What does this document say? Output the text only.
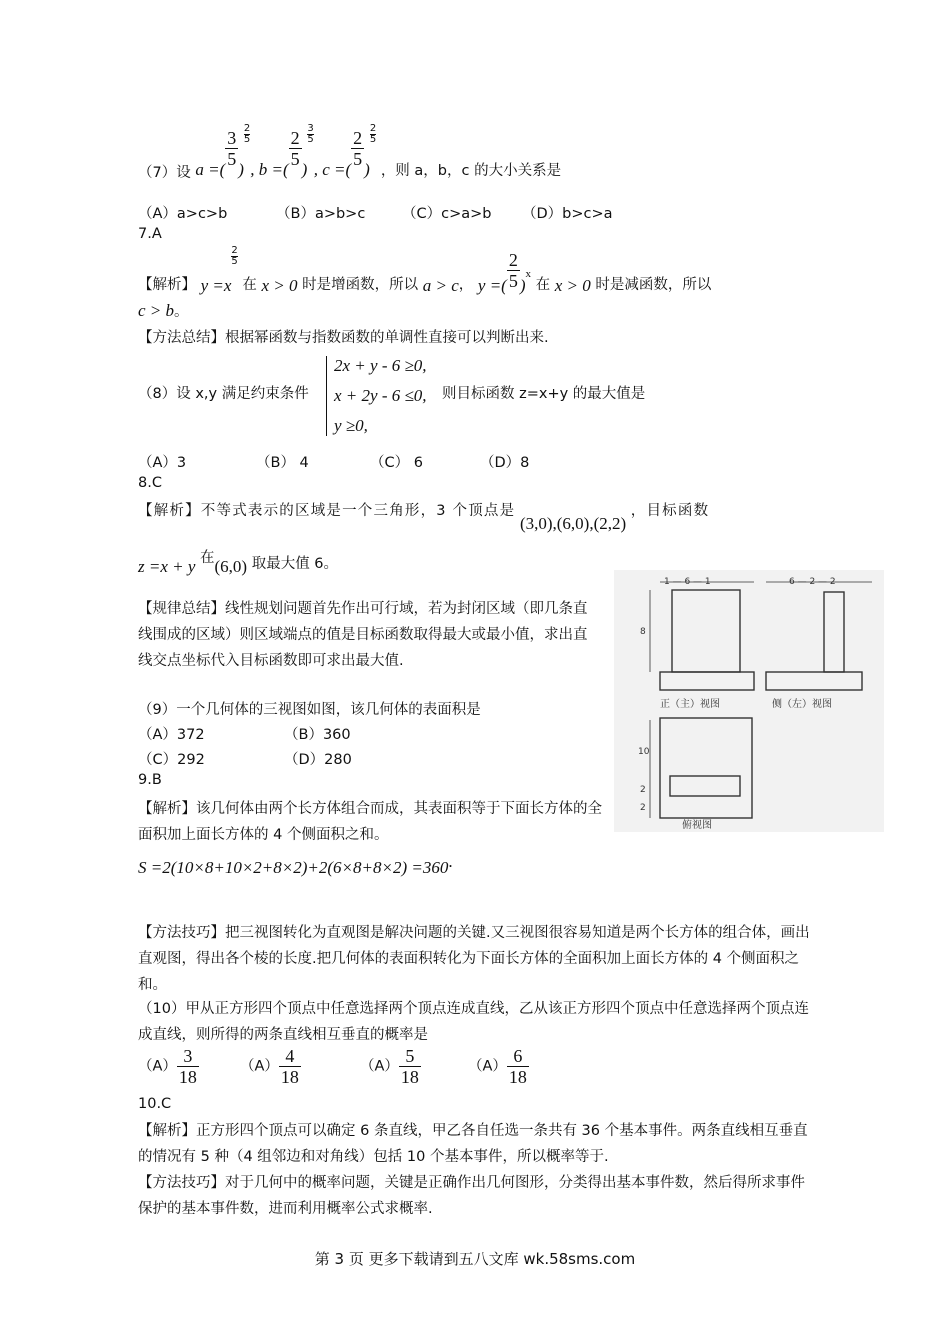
（7）设 a =( $\frac{3}{5}$ )
$\frac{2}{5}$, b =( $\frac{2}{5}$ )
$\frac{3}{5}$, c =( $\frac{2}{5}$ )
$\frac{2}{5}$ ，则 a，b，c 的大小关系是
（A）a>c>b	（B）a>b>c	（C）c>a>b （D）b>c>a
7.A
【解析】 y =x
$\frac{2}{5}$ 在 x > 0 时是增函数，所以 a > c， y =( $\frac{2}{5} )x$ 在 x > 0 时是减函数，所以
c > b。
【方法总结】根据幂函数与指数函数的单调性直接可以判断出来.
（8）设 x,y 满足约束条件
2x + y - 6 ≥0,
x + 2y - 6 ≤0,
y ≥0,
则目标函数 z=x+y 的最大值是
（A）3	（B） 4	（C） 6	（D）8
8.C
【解析】不等式表示的区域是一个三角形，3 个顶点是 (3,0),(6,0),(2,2) ，目标函数
z =x + y 在(6,0) 取最大值 6。
【规律总结】线性规划问题首先作出可行域，若为封闭区域（即几条直线围成的区域）则区域端点的值是目标函数取得最大或最小值，求出直线交点坐标代入目标函数即可求出最大值.
（9）一个几何体的三视图如图，该几何体的表面积是
（A）372	（B）360
（C）292	（D）280
9.B
【解析】该几何体由两个长方体组合而成，其表面积等于下面长方体的全面积加上面长方体的 4 个侧面积之和。
S =2(10×8+10×2+8×2)+2(6×8+8×2) =360.
1 — 6 — 1	6 — 2 — 2
8
10
2
2
正（主）视图	侧（左）视图
俯视图
【方法技巧】把三视图转化为直观图是解决问题的关键.又三视图很容易知道是两个长方体的组合体，画出直观图，得出各个棱的长度.把几何体的表面积转化为下面长方体的全面积加上面长方体的 4 个侧面积之和。
（10）甲从正方形四个顶点中任意选择两个顶点连成直线，乙从该正方形四个顶点中任意选择两个顶点连成直线，则所得的两条直线相互垂直的概率是
$(A) \frac{3}{18}$	$(A) \frac{4}{18}$	$(A) \frac{5}{18}$	$(A) \frac{6}{18}$
10.C
【解析】正方形四个顶点可以确定 6 条直线，甲乙各自任选一条共有 36 个基本事件。两条直线相互垂直的情况有 5 种（4 组邻边和对角线）包括 10 个基本事件，所以概率等于.
【方法技巧】对于几何中的概率问题，关键是正确作出几何图形，分类得出基本事件数，然后得所求事件保护的基本事件数，进而利用概率公式求概率.
第 3 页 更多下载请到五八文库 wk.58sms.com
